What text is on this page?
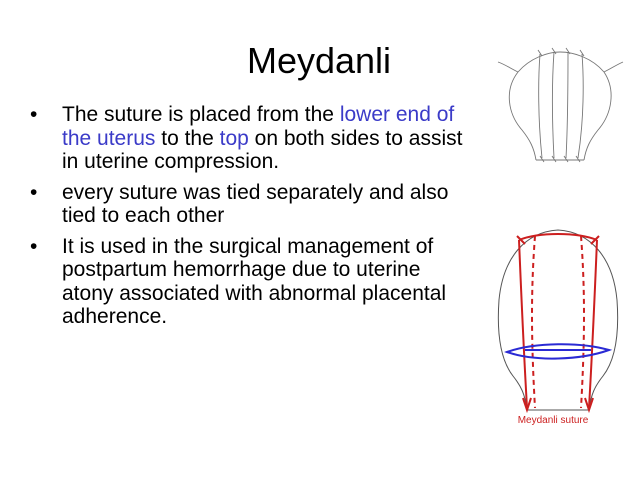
Meydanli
• The suture is placed from the lower end of the uterus to the top on both sides to assist in uterine compression.
• every suture was tied separately and also tied to each other
• It is used in the surgical management of postpartum hemorrhage due to uterine atony associated with abnormal placental adherence.
Meydanli suture
